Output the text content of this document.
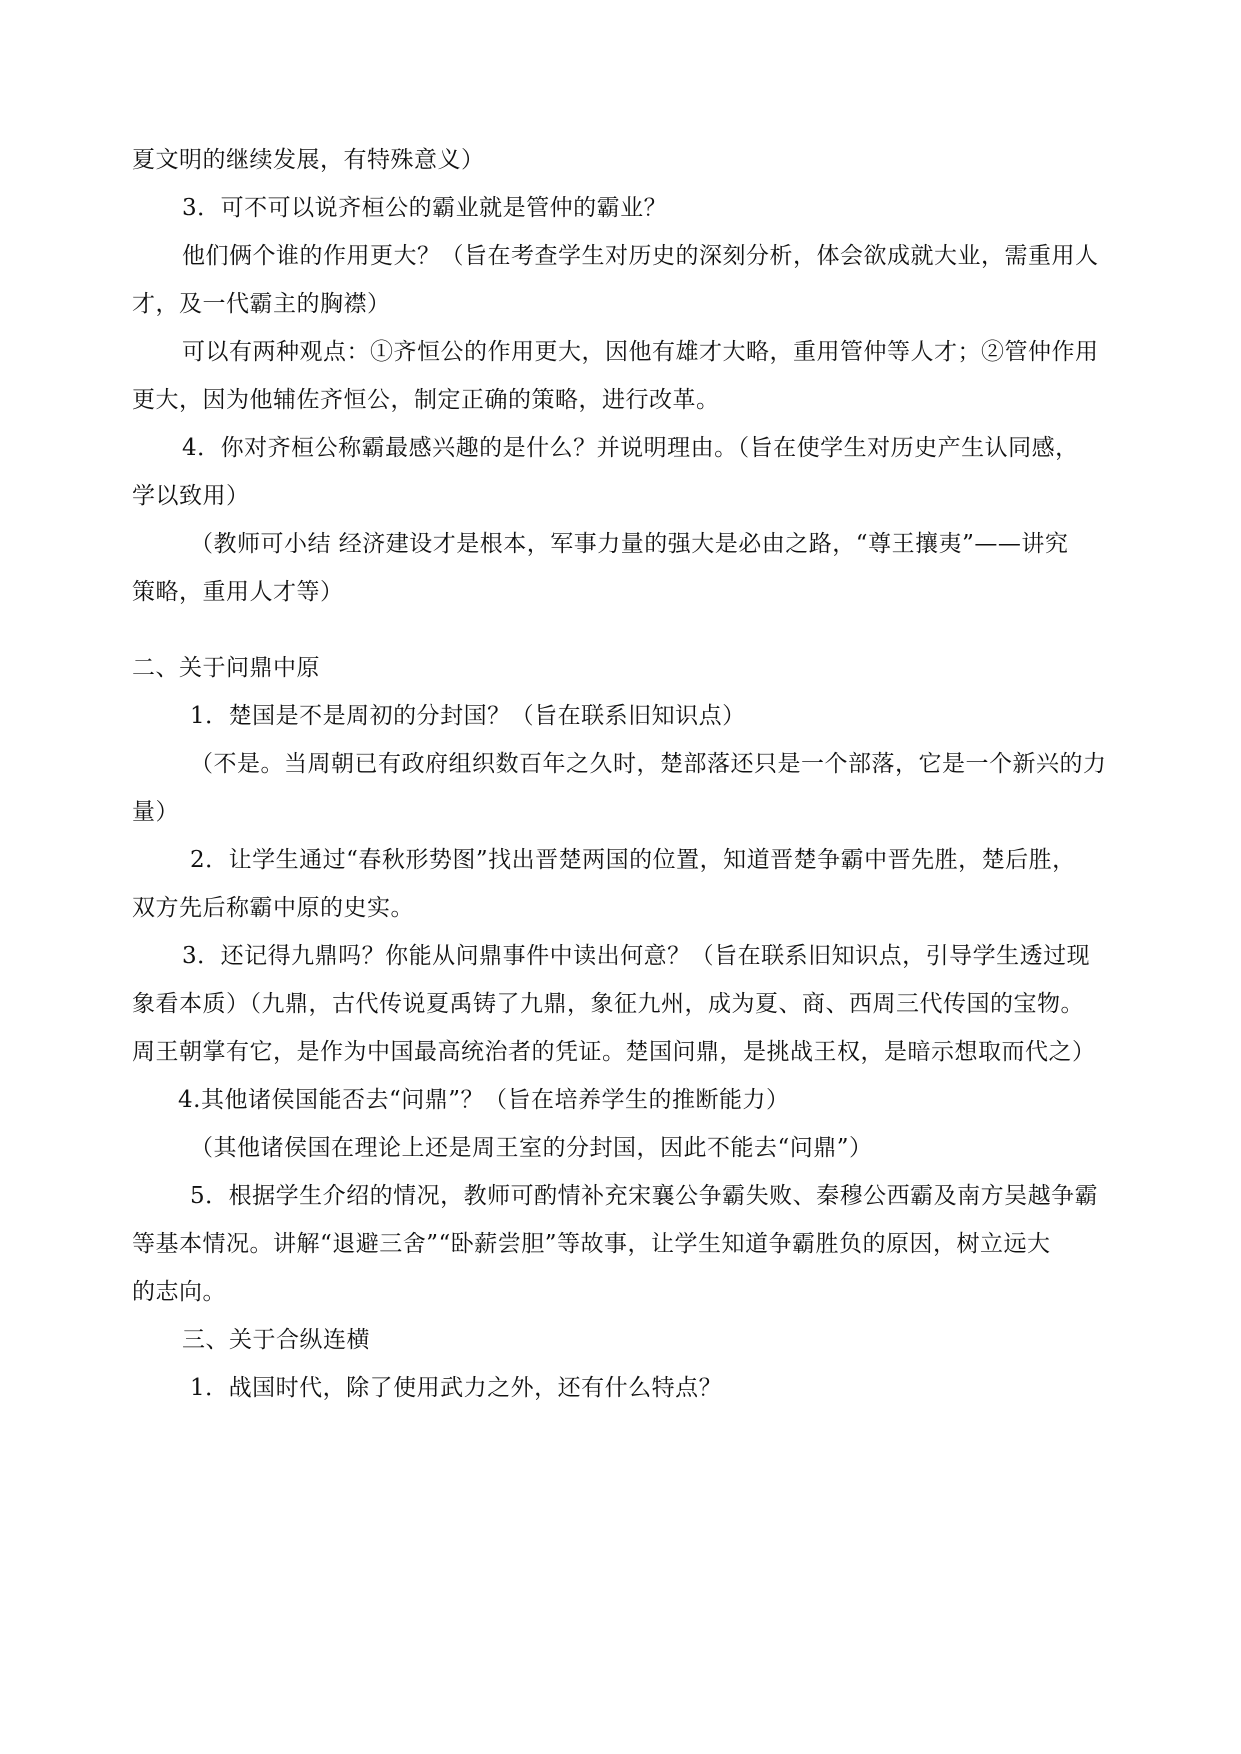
夏文明的继续发展，有特殊意义）
3．可不可以说齐桓公的霸业就是管仲的霸业？
他们俩个谁的作用更大？（旨在考查学生对历史的深刻分析，体会欲成就大业，需重用人
才，及一代霸主的胸襟）
可以有两种观点：①齐恒公的作用更大，因他有雄才大略，重用管仲等人才；②管仲作用
更大，因为他辅佐齐恒公，制定正确的策略，进行改革。
4．你对齐桓公称霸最感兴趣的是什么？并说明理由。（旨在使学生对历史产生认同感，
学以致用）
（教师可小结 经济建设才是根本，军事力量的强大是必由之路，“尊王攘夷”——讲究
策略，重用人才等）
二、关于问鼎中原
1．楚国是不是周初的分封国？（旨在联系旧知识点）
（不是。当周朝已有政府组织数百年之久时，楚部落还只是一个部落，它是一个新兴的力
量）
2．让学生通过“春秋形势图”找出晋楚两国的位置，知道晋楚争霸中晋先胜，楚后胜，
双方先后称霸中原的史实。
3．还记得九鼎吗？你能从问鼎事件中读出何意？（旨在联系旧知识点，引导学生透过现
象看本质）（九鼎，古代传说夏禹铸了九鼎，象征九州，成为夏、商、西周三代传国的宝物。
周王朝掌有它，是作为中国最高统治者的凭证。楚国问鼎，是挑战王权，是暗示想取而代之）
4.其他诸侯国能否去“问鼎”？（旨在培养学生的推断能力）
（其他诸侯国在理论上还是周王室的分封国，因此不能去“问鼎”）
5．根据学生介绍的情况，教师可酌情补充宋襄公争霸失败、秦穆公西霸及南方吴越争霸
等基本情况。讲解“退避三舍”“卧薪尝胆”等故事，让学生知道争霸胜负的原因，树立远大
的志向。
三、关于合纵连横
1．战国时代，除了使用武力之外，还有什么特点？
